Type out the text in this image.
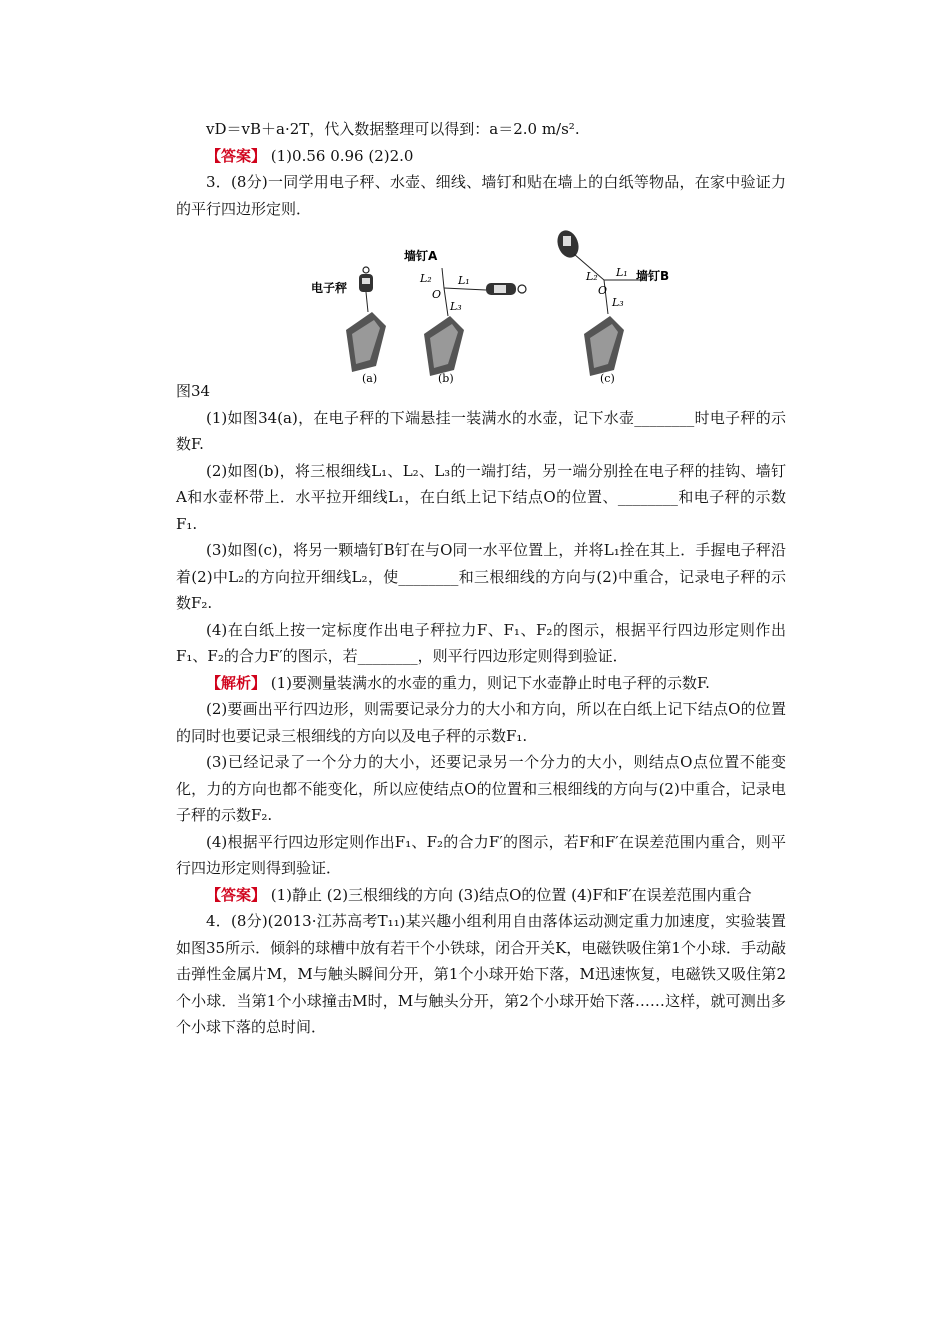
vD＝vB＋a·2T，代入数据整理可以得到：a＝2.0 m/s².

【答案】 (1)0.56 0.96 (2)2.0

3．(8分)一同学用电子秤、水壶、细线、墙钉和贴在墙上的白纸等物品，在家中验证力的平行四边形定则．

电子秤
(a)
墙钉A
L₂
O
L₁
L₃
(b)
L₂
O
L₁
L₃
墙钉B
(c)

图34

(1)如图34(a)，在电子秤的下端悬挂一装满水的水壶，记下水壶________时电子秤的示数F.

(2)如图(b)，将三根细线L₁、L₂、L₃的一端打结，另一端分别拴在电子秤的挂钩、墙钉A和水壶杯带上．水平拉开细线L₁，在白纸上记下结点O的位置、________和电子秤的示数F₁.

(3)如图(c)，将另一颗墙钉B钉在与O同一水平位置上，并将L₁拴在其上．手握电子秤沿着(2)中L₂的方向拉开细线L₂，使________和三根细线的方向与(2)中重合，记录电子秤的示数F₂.

(4)在白纸上按一定标度作出电子秤拉力F、F₁、F₂的图示，根据平行四边形定则作出F₁、F₂的合力F′的图示，若________，则平行四边形定则得到验证．

【解析】 (1)要测量装满水的水壶的重力，则记下水壶静止时电子秤的示数F.

(2)要画出平行四边形，则需要记录分力的大小和方向，所以在白纸上记下结点O的位置的同时也要记录三根细线的方向以及电子秤的示数F₁.

(3)已经记录了一个分力的大小，还要记录另一个分力的大小，则结点O点位置不能变化，力的方向也都不能变化，所以应使结点O的位置和三根细线的方向与(2)中重合，记录电子秤的示数F₂.

(4)根据平行四边形定则作出F₁、F₂的合力F′的图示，若F和F′在误差范围内重合，则平行四边形定则得到验证．

【答案】 (1)静止 (2)三根细线的方向 (3)结点O的位置 (4)F和F′在误差范围内重合

4．(8分)(2013·江苏高考T₁₁)某兴趣小组利用自由落体运动测定重力加速度，实验装置如图35所示．倾斜的球槽中放有若干个小铁球，闭合开关K，电磁铁吸住第1个小球．手动敲击弹性金属片M，M与触头瞬间分开，第1个小球开始下落，M迅速恢复，电磁铁又吸住第2个小球．当第1个小球撞击M时，M与触头分开，第2个小球开始下落……这样，就可测出多个小球下落的总时间．
